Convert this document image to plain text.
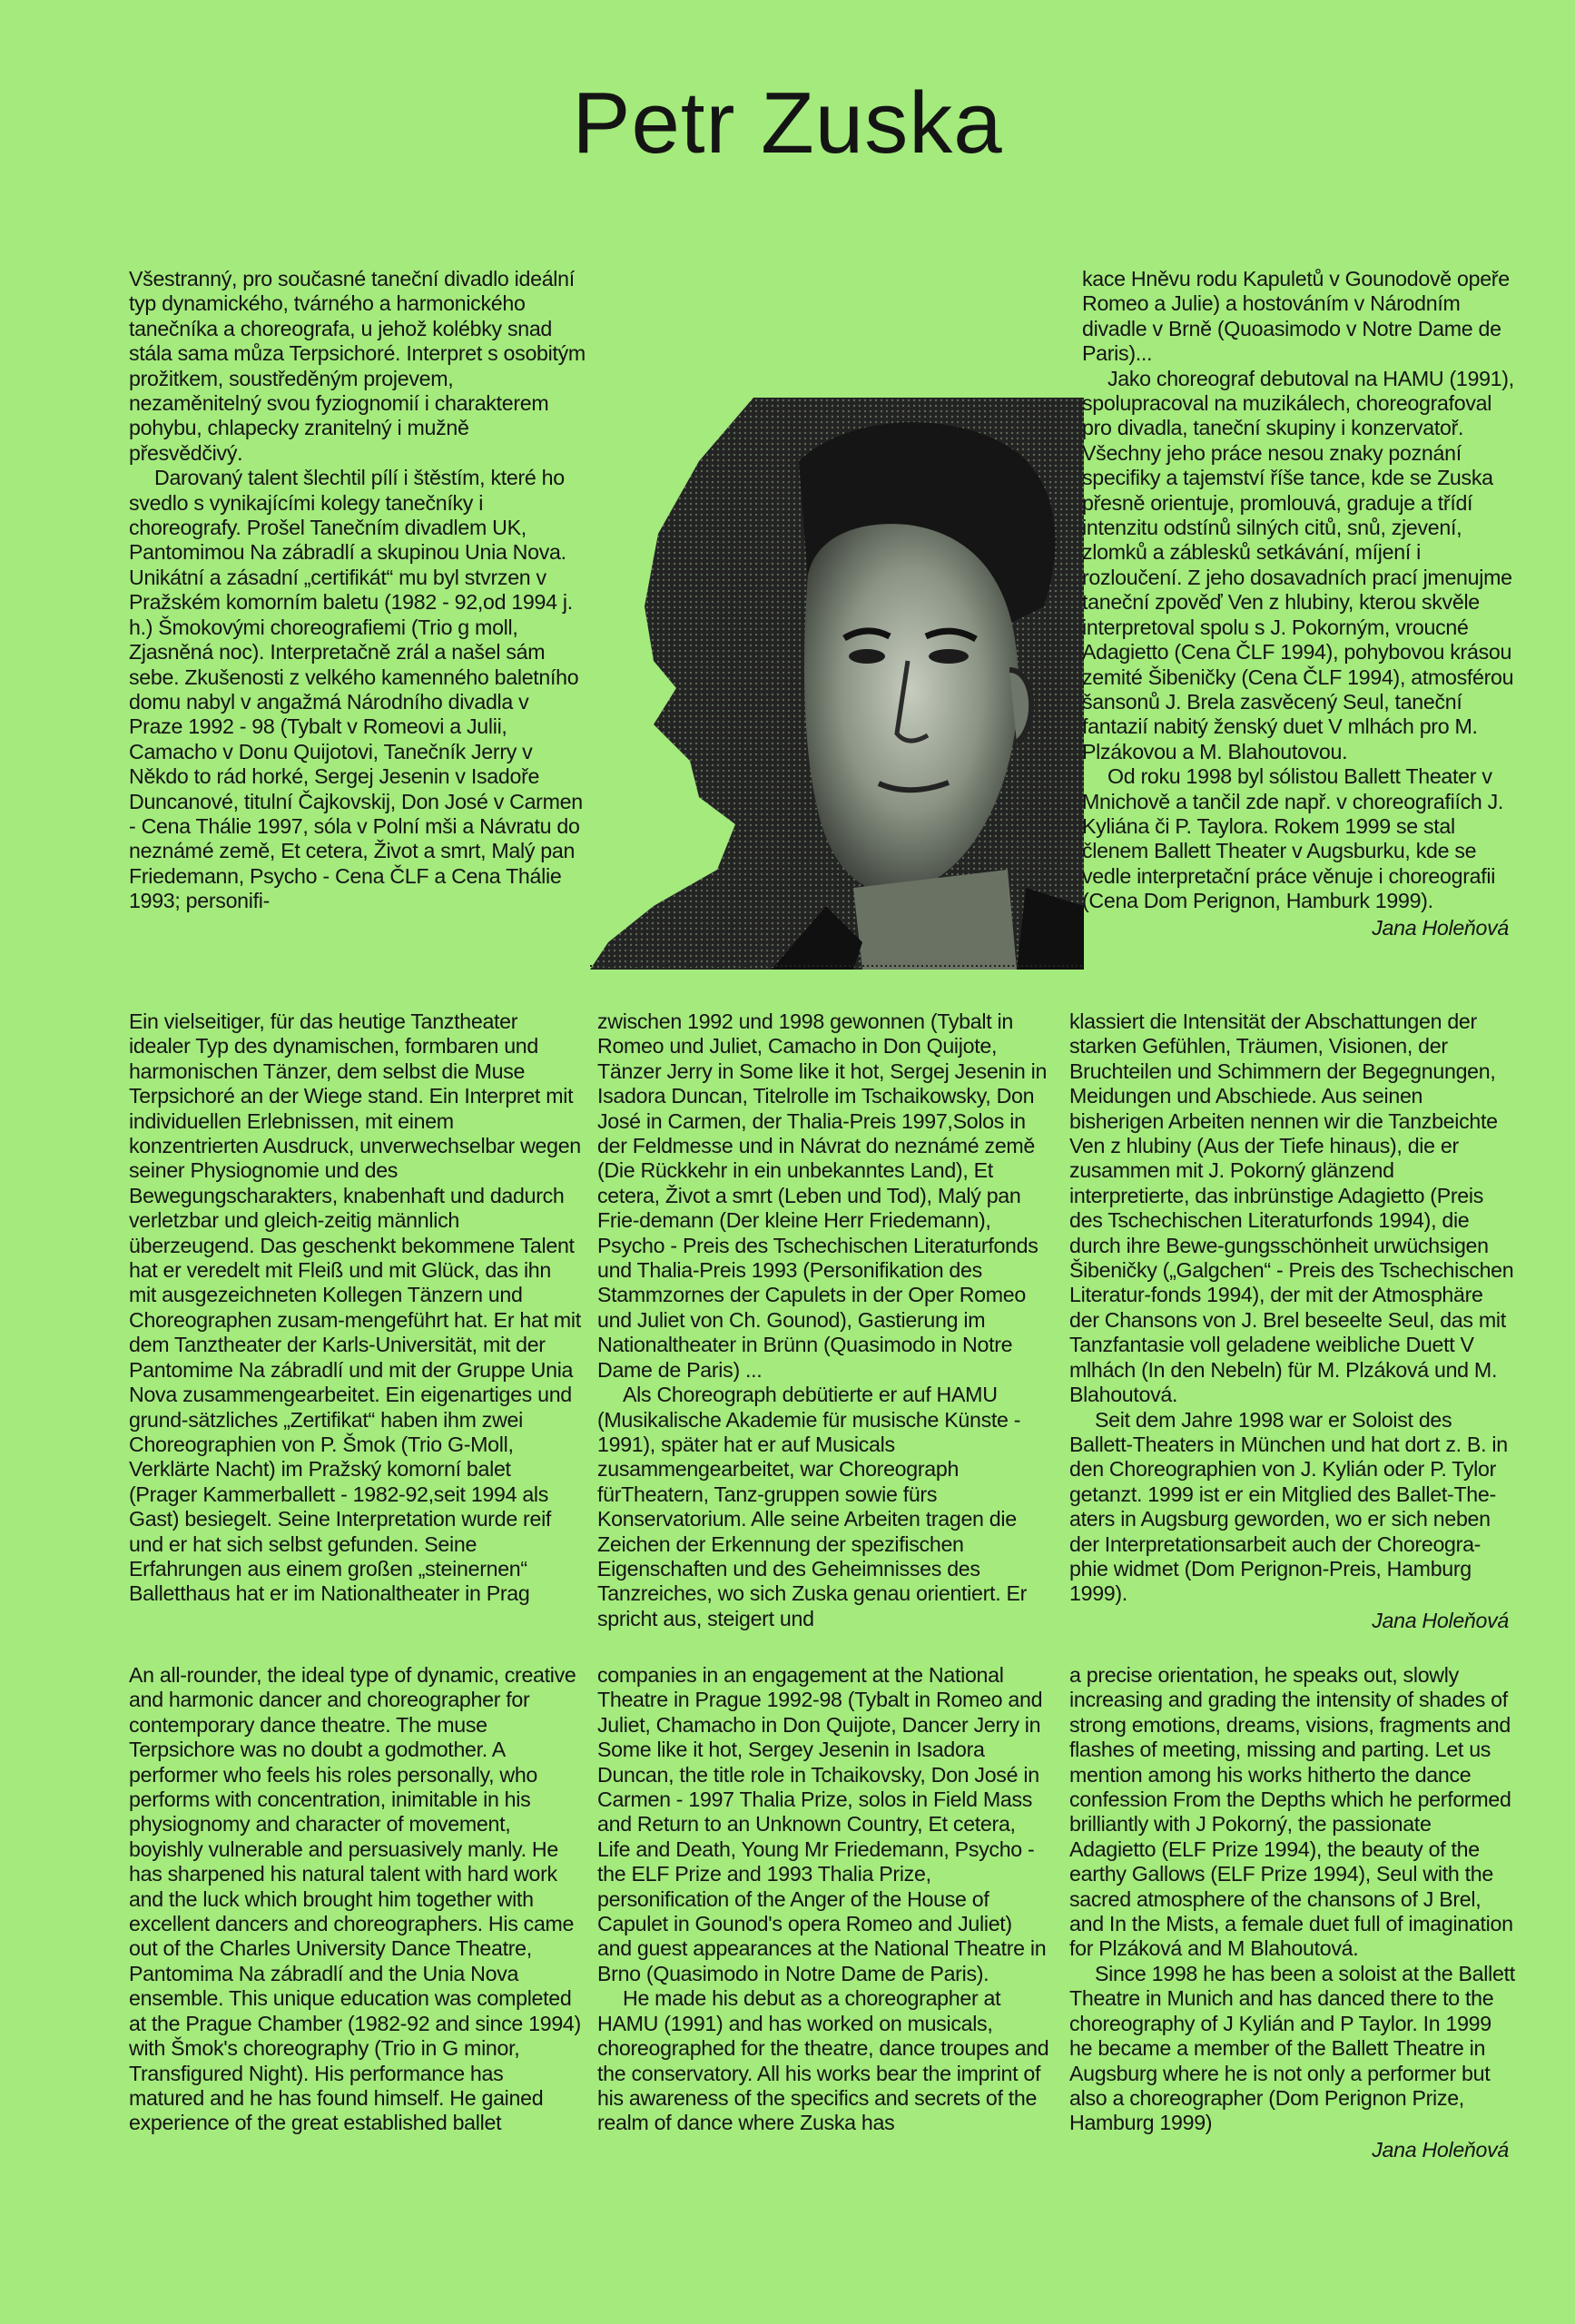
Petr Zuska

Všestranný, pro současné taneční divadlo ideální typ dynamického, tvárného a harmonického tanečníka a choreografa, u jehož kolébky snad stála sama můza Terpsichoré. Interpret s osobitým prožitkem, soustředěným projevem, nezaměnitelný svou fyziognomií i charakterem pohybu, chlapecky zranitelný i mužně přesvědčivý.

Darovaný talent šlechtil pílí i štěstím, které ho svedlo s vynikajícími kolegy tanečníky i choreografy. Prošel Tanečním divadlem UK, Pantomimou Na zábradlí a skupinou Unia Nova. Unikátní a zásadní „certifikát“ mu byl stvrzen v Pražském komorním baletu (1982 - 92,od 1994 j. h.) Šmokovými choreografiemi (Trio g moll, Zjasněná noc). Interpretačně zrál a našel sám sebe. Zkušenosti z velkého kamenného baletního domu nabyl v angažmá Národního divadla v Praze 1992 - 98 (Tybalt v Romeovi a Julii, Camacho v Donu Quijotovi, Tanečník Jerry v Někdo to rád horké, Sergej Jesenin v Isadoře Duncanové, titulní Čajkovskij, Don José v Carmen - Cena Thálie 1997, sóla v Polní mši a Návratu do neznámé země, Et cetera, Život a smrt, Malý pan Friedemann, Psycho - Cena ČLF a Cena Thálie 1993; personifi-

kace Hněvu rodu Kapuletů v Gounodově opeře Romeo a Julie) a hostováním v Národním divadle v Brně (Quoasimodo v Notre Dame de Paris)...

Jako choreograf debutoval na HAMU (1991), spolupracoval na muzikálech, choreografoval pro divadla, taneční skupiny i konzervatoř. Všechny jeho práce nesou znaky poznání specifiky a tajemství říše tance, kde se Zuska přesně orientuje, promlouvá, graduje a třídí intenzitu odstínů silných citů, snů, zjevení, zlomků a záblesků setkávání, míjení i rozloučení. Z jeho dosavadních prací jmenujme taneční zpověď Ven z hlubiny, kterou skvěle interpretoval spolu s J. Pokorným, vroucné Adagietto (Cena ČLF 1994), pohybovou krásou zemité Šibeničky (Cena ČLF 1994), atmosférou šansonů J. Brela zasvěcený Seul, taneční fantazií nabitý ženský duet V mlhách pro M. Plzákovou a M. Blahoutovou.

Od roku 1998 byl sólistou Ballett Theater v Mnichově a tančil zde např. v choreografiích J. Kyliána či P. Taylora. Rokem 1999 se stal členem Ballett Theater v Augsburku, kde se vedle interpretační práce věnuje i choreografii (Cena Dom Perignon, Hamburk 1999).

Jana Holeňová

Ein vielseitiger, für das heutige Tanztheater idealer Typ des dynamischen, formbaren und harmonischen Tänzer, dem selbst die Muse Terpsichoré an der Wiege stand. Ein Interpret mit individuellen Erlebnissen, mit einem konzentrierten Ausdruck, unverwechselbar wegen seiner Physiognomie und des Bewegungscharakters, knabenhaft und dadurch verletzbar und gleich-zeitig männlich überzeugend. Das geschenkt bekommene Talent hat er veredelt mit Fleiß und mit Glück, das ihn mit ausgezeichneten Kollegen Tänzern und Choreographen zusam-mengeführt hat. Er hat mit dem Tanztheater der Karls-Universität, mit der Pantomime Na zábradlí und mit der Gruppe Unia Nova zusammengearbeitet. Ein eigenartiges und grund-sätzliches „Zertifikat“ haben ihm zwei Choreographien von P. Šmok (Trio G-Moll, Verklärte Nacht) im Pražský komorní balet (Prager Kammerballett - 1982-92,seit 1994 als Gast) besiegelt. Seine Interpretation wurde reif und er hat sich selbst gefunden. Seine Erfahrungen aus einem großen „steinernen“ Balletthaus hat er im Nationaltheater in Prag

zwischen 1992 und 1998 gewonnen (Tybalt in Romeo und Juliet, Camacho in Don Quijote, Tänzer Jerry in Some like it hot, Sergej Jesenin in Isadora Duncan, Titelrolle im Tschaikowsky, Don José in Carmen, der Thalia-Preis 1997,Solos in der Feldmesse und in Návrat do neznámé země (Die Rückkehr in ein unbekanntes Land), Et cetera, Život a smrt (Leben und Tod), Malý pan Frie-demann (Der kleine Herr Friedemann), Psycho - Preis des Tschechischen Literaturfonds und Thalia-Preis 1993 (Personifikation des Stammzornes der Capulets in der Oper Romeo und Juliet von Ch. Gounod), Gastierung im Nationaltheater in Brünn (Quasimodo in Notre Dame de Paris) ...

Als Choreograph debütierte er auf HAMU (Musikalische Akademie für musische Künste - 1991), später hat er auf Musicals zusammengearbeitet, war Choreograph fürTheatern, Tanz-gruppen sowie fürs Konservatorium. Alle seine Arbeiten tragen die Zeichen der Erkennung der spezifischen Eigenschaften und des Geheimnisses des Tanzreiches, wo sich Zuska genau orientiert. Er spricht aus, steigert und

klassiert die Intensität der Abschattungen der starken Gefühlen, Träumen, Visionen, der Bruchteilen und Schimmern der Begegnungen, Meidungen und Abschiede. Aus seinen bisherigen Arbeiten nennen wir die Tanzbeichte Ven z hlubiny (Aus der Tiefe hinaus), die er zusammen mit J. Pokorný glänzend interpretierte, das inbrünstige Adagietto (Preis des Tschechischen Literaturfonds 1994), die durch ihre Bewe-gungsschönheit urwüchsigen Šibeničky („Galgchen“ - Preis des Tschechischen Literatur-fonds 1994), der mit der Atmosphäre der Chansons von J. Brel beseelte Seul, das mit Tanzfantasie voll geladene weibliche Duett V mlhách (In den Nebeln) für M. Plzáková und M. Blahoutová.

Seit dem Jahre 1998 war er Soloist des Ballett-Theaters in München und hat dort z. B. in den Choreographien von J. Kylián oder P. Tylor getanzt. 1999 ist er ein Mitglied des Ballet-The-aters in Augsburg geworden, wo er sich neben der Interpretationsarbeit auch der Choreogra-phie widmet (Dom Perignon-Preis, Hamburg 1999).

Jana Holeňová

An all-rounder, the ideal type of dynamic, creative and harmonic dancer and choreographer for contemporary dance theatre. The muse Terpsichore was no doubt a godmother. A performer who feels his roles personally, who performs with concentration, inimitable in his physiognomy and character of movement, boyishly vulnerable and persuasively manly. He has sharpened his natural talent with hard work and the luck which brought him together with excellent dancers and choreographers. His came out of the Charles University Dance Theatre, Pantomima Na zábradlí and the Unia Nova ensemble. This unique education was completed at the Prague Chamber (1982-92 and since 1994) with Šmok's choreography (Trio in G minor, Transfigured Night). His performance has matured and he has found himself. He gained experience of the great established ballet

companies in an engagement at the National Theatre in Prague 1992-98 (Tybalt in Romeo and Juliet, Chamacho in Don Quijote, Dancer Jerry in Some like it hot, Sergey Jesenin in Isadora Duncan, the title role in Tchaikovsky, Don José in Carmen - 1997 Thalia Prize, solos in Field Mass and Return to an Unknown Country, Et cetera, Life and Death, Young Mr Friedemann, Psycho - the ELF Prize and 1993 Thalia Prize, personification of the Anger of the House of Capulet in Gounod's opera Romeo and Juliet) and guest appearances at the National Theatre in Brno (Quasimodo in Notre Dame de Paris).

He made his debut as a choreographer at HAMU (1991) and has worked on musicals, choreographed for the theatre, dance troupes and the conservatory. All his works bear the imprint of his awareness of the specifics and secrets of the realm of dance where Zuska has

a precise orientation, he speaks out, slowly increasing and grading the intensity of shades of strong emotions, dreams, visions, fragments and flashes of meeting, missing and parting. Let us mention among his works hitherto the dance confession From the Depths which he performed brilliantly with J Pokorný, the passionate Adagietto (ELF Prize 1994), the beauty of the earthy Gallows (ELF Prize 1994), Seul with the sacred atmosphere of the chansons of J Brel, and In the Mists, a female duet full of imagination for Plzáková and M Blahoutová.

Since 1998 he has been a soloist at the Ballett Theatre in Munich and has danced there to the choreography of J Kylián and P Taylor. In 1999 he became a member of the Ballett Theatre in Augsburg where he is not only a performer but also a choreographer (Dom Perignon Prize, Hamburg 1999)

Jana Holeňová
